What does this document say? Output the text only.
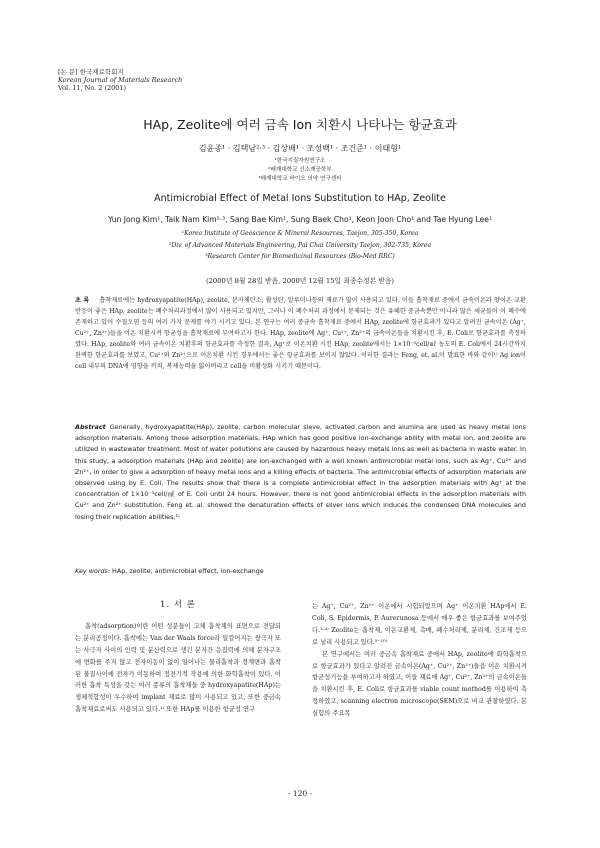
[논 문] 한국재료학회지
Korean Journal of Materials Research
Vol. 11, No. 2 (2001)
HAp, Zeolite에 여러 금속 Ion 치환시 나타나는 항균효과
김윤종¹ · 김택남²·³ · 김상배¹ · 조성백¹ · 조건준¹ · 이태형¹
¹한국지질자원연구소
²배재대학교 신소재공학부
³배재대학교 바이오 의약 연구센터
Antimicrobial Effect of Metal Ions Substitution to HAp, Zeolite
Yun Jong Kim¹, Taik Nam Kim²·³, Sang Bae Kim¹, Sung Baek Cho¹, Keon Joon Cho¹ and Tae Hyung Lee¹
¹Korea Institute of Geoscience & Mineral Resources, Taejon, 305-350, Korea
²Div. of Advanced Materials Engineering, Pai Chai University Taejon, 302-735, Korea
³Research Center for Biomedicinal Resources (Bio-Med RRC)
(2000년 8월 28일 받음, 2000년 12월 15일 최종수정본 받음)
초 록 흡착재료에는 hydroxyapatite(HAp), zeolite, 분자체탄소, 활성탄, 알루미나등의 재료가 많이 사용되고 있다. 이들 흡착재료 중에서 금속이온과 양이온 교환반응이 좋은 HAp, zeolite는 폐수처리과정에서 많이 사용되고 있지만, 그러나 이 폐수처리 과정에서 문제되는 것은 유해한 중금속뿐만 아니라 많은 세균들이 이 폐수에 존재하고 있어 수질오염 등의 여러 가지 문제를 야기 시키고 있다. 본 연구는 여러 중금속 흡착재료 중에서 HAp, zeolite에 항균효과가 있다고 알려진 금속이온 (Ag⁺, Cu²⁺, Zn²⁺)들을 이온 치환시켜 항균성을 흡착재료에 부여하고자 한다. HAp, zeolite에 Ag⁺, Cu²⁺, Zn²⁺의 금속이온들을 치환시킨 후, E. Coli로 항균효과를 측정하였다. HAp, zeolite와 여러 금속이온 치환후의 항균효과를 측정한 결과, Ag⁺로 이온치환 시킨 HAp, zeolite에서는 1×10⁻⁵cell/㎖ 농도의 E. Coli에서 24시간까지 완벽한 항균효과를 보였고, Cu²⁺와 Zn²⁺으로 이온치환 시킨 경우에서는 좋은 항균효과를 보이지 않았다. 이러한 결과는 Feng, et. al.이 발표한 바와 같이¹⁾ Ag ion이 cell 내부의 DNA에 영향을 끼쳐, 복제능력을 잃어버리고 cell을 비활성화 시키기 때문이다.
Abstract Generally, hydroxyapatite(HAp), zeolite, carbon molecular sieve, activated carbon and alumina are used as heavy metal ions adsorption materials. Among those adsorption materials, HAp which has good positive ion-exchange ability with metal ion, and zeolite are utilized in wastewater treatment. Most of water pollutions are caused by hazardous heavy metals ions as well as bacteria in waste water. In this study, a adsorption materials (HAp and zeolite) are ion-exchanged with a well known antimicrobial metal ions, such as Ag⁺, Cu²⁺ and Zn²⁺, in order to give a adsorption of heavy metal ions and a killing effects of bacteria. The antimicrobial effects of adsorption materials are observed using by E. Coli. The results show that there is a complete antimicrobial effect in the adsorption materials with Ag⁺ at the concentration of 1×10⁻⁵cell/㎖ of E. Coli until 24 hours. However, there is not good antimicrobial effects in the adsorption materials with Cu²⁺ and Zn²⁺ substitution. Feng et. al. showed the denaturation effects of silver ions which induces the condensed DNA molecules and losing their replication abilities.¹⁾
Key words: HAp, zeolite, antimicrobial effect, ion-exchange
1. 서 론

흡착(adsorption)이란 어떤 성분들이 고체 흡착제의 표면으로 전달되는 분리공정이다. 흡착에는 Van der Waals force라 일컬어지는 쌍극자 또는 사극자 사이의 인력 및 분산력으로 생긴 분자간 응집력에 의해 분자구조에 변화를 주지 않고 전자이동이 없이 일어나는 물리흡착과 경계면과 흡착된 물질사이에 전자가 이동하여 정전기적 작용에 의한 화학흡착이 있다. 이러한 흡착 특성을 갖는 여러 종류의 흡착제들 중 hydroxyapatite(HAp)는 생체적합성이 우수하여 implant 재료로 많이 사용되고 있고, 또한 중금속 흡착재료로써도 사용되고 있다.¹⁾ 또한 HAp를 이용한 항균성 연구

는 Ag⁺, Cu²⁺, Zn²⁺ 이온에서 시험되었으며 Ag⁺ 이온치환 HAp에서 E. Coli, S. Epidermis, P. Aurегunosa 등에서 매우 좋은 항균효과를 보여주었다.³·⁴⁾ Zeolite는 흡착제, 이온교환제, 촉매, 폐수처리제, 분리제, 건조제 등으로 널리 사용되고 있다.⁵⁻¹⁰⁾

본 연구에서는 여러 중금속 흡착재료 중에서 HAp, zeolite에 화학흡착으로 항균효과가 있다고 알려진 금속이온(Ag⁺, Cu²⁺, Zn²⁺)들을 이온 치환시켜 항균성기능을 부여하고자 하였고, 이들 재료에 Ag⁺, Cu²⁺, Zn²⁺의 금속이온들을 치환시킨 후, E. Coli로 항균효과를 viable count method를 이용하여 측정하였고, scanning electron microscope(SEM)으로 비교 관찰하였다. 본 실험의 주요목

- 120 -
